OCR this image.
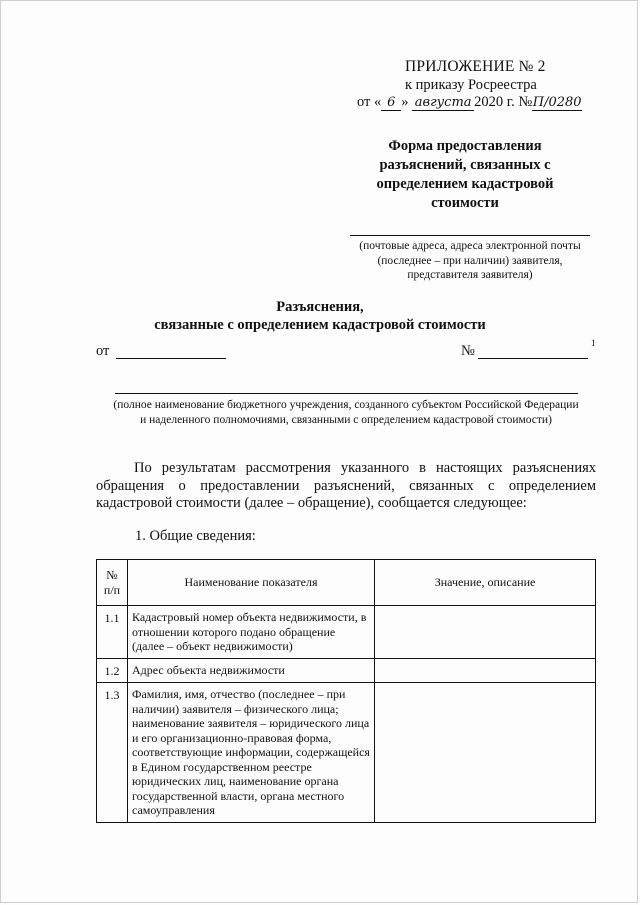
ПРИЛОЖЕНИЕ № 2
к приказу Росреестра
от « 6 » августа 2020 г. №П/0280
Форма предоставления разъяснений, связанных с определением кадастровой стоимости
(почтовые адреса, адреса электронной почты (последнее – при наличии) заявителя, представителя заявителя)
Разъяснения,
связанные с определением кадастровой стоимости
от	№	1
(полное наименование бюджетного учреждения, созданного субъектом Российской Федерации и наделенного полномочиями, связанными с определением кадастровой стоимости)
По результатам рассмотрения указанного в настоящих разъяснениях обращения о предоставлении разъяснений, связанных с определением кадастровой стоимости (далее – обращение), сообщается следующее:
1. Общие сведения:
№ п/п	Наименование показателя	Значение, описание
1.1	Кадастровый номер объекта недвижимости, в отношении которого подано обращение (далее – объект недвижимости)	
1.2	Адрес объекта недвижимости	
1.3	Фамилия, имя, отчество (последнее – при наличии) заявителя – физического лица; наименование заявителя – юридического лица и его организационно-правовая форма, соответствующие информации, содержащейся в Едином государственном реестре юридических лиц, наименование органа государственной власти, органа местного самоуправления	
